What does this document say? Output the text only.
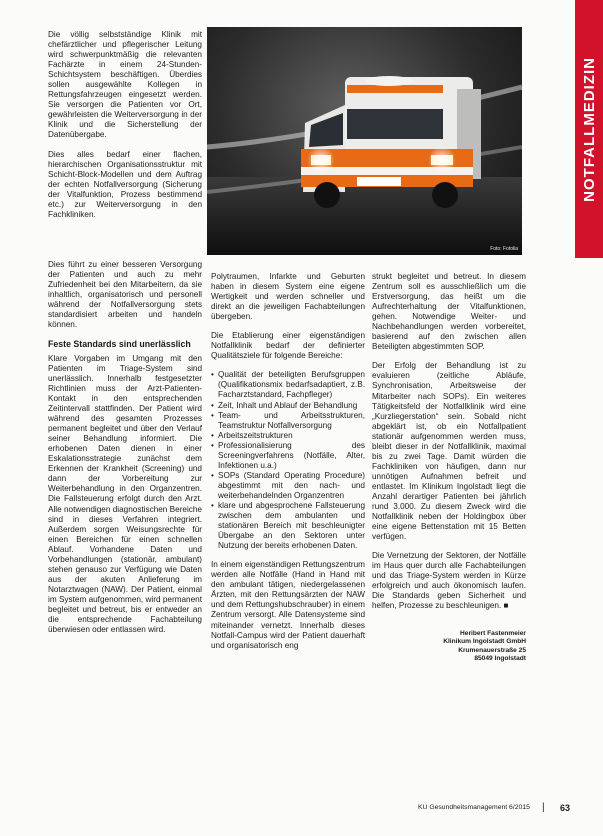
Die völlig selbstständige Klinik mit chefärztlicher und pflegerischer Leitung wird schwerpunktmäßig die relevanten Fachärzte in einem 24-Stunden-Schichtsystem beschäftigen. Überdies sollen ausgewählte Kollegen in Rettungsfahrzeugen eingesetzt werden. Sie versorgen die Patienten vor Ort, gewährleisten die Weiterversorgung in der Klinik und die Sicherstellung der Datenübergabe.

Dies alles bedarf einer flachen, hierarchischen Organisationsstruktur mit Schicht-Block-Modellen und dem Auftrag der echten Notfallversorgung (Sicherung der Vitalfunktion, Prozess bestimmend etc.) zur Weiterversorgung in den Fachkliniken.

Foto: Fotolia
NOTFALLMEDIZIN

Dies führt zu einer besseren Versorgung der Patienten und auch zu mehr Zufriedenheit bei den Mitarbeitern, da sie inhaltlich, organisatorisch und personell während der Notfallversorgung stets standardisiert arbeiten und handeln können.

Feste Standards sind unerlässlich

Klare Vorgaben im Umgang mit den Patienten im Triage-System sind unerlässlich. Innerhalb festgesetzter Richtlinien muss der Arzt-Patienten-Kontakt in den entsprechenden Zeitintervall stattfinden. Der Patient wird während des gesamten Prozesses permanent begleitet und über den Verlauf seiner Behandlung informiert. Die erhobenen Daten dienen in einer Eskalationsstrategie zunächst dem Erkennen der Krankheit (Screening) und dann der Vorbereitung zur Weiterbehandlung in den Organzentren. Die Fallsteuerung erfolgt durch den Arzt. Alle notwendigen diagnostischen Bereiche sind in dieses Verfahren integriert. Außerdem sorgen Weisungsrechte für einen Bereichen für einen schnellen Ablauf. Vorhandene Daten und Vorbehandlungen (stationär, ambulant) stehen genauso zur Verfügung wie Daten aus der akuten Anlieferung im Notarztwagen (NAW). Der Patient, einmal im System aufgenommen, wird permanent begleitet und betreut, bis er entweder an die entsprechende Fachabteilung überwiesen oder entlassen wird.

Polytraumen, Infarkte und Geburten haben in diesem System eine eigene Wertigkeit und werden schneller und direkt an die jeweiligen Fachabteilungen übergeben.

Die Etablierung einer eigenständigen Notfallklinik bedarf der definierter Qualitätsziele für folgende Bereiche:

• Qualität der beteiligten Berufsgruppen (Qualifikationsmix bedarfsadaptiert, z.B. Facharztstandard, Fachpfleger)
• Zeit, Inhalt und Ablauf der Behandlung
• Team- und Arbeitsstrukturen, Teamstruktur Notfallversorgung
• Arbeitszeitstrukturen
• Professionalisierung des Screeningverfahrens (Notfälle, Alter, Infektionen u.a.)
• SOPs (Standard Operating Procedure) abgestimmt mit den nach- und weiterbehandelnden Organzentren
• klare und abgesprochene Fallsteuerung zwischen dem ambulanten und stationären Bereich mit beschleunigter Übergabe an den Sektoren unter Nutzung der bereits erhobenen Daten.

In einem eigenständigen Rettungszentrum werden alle Notfälle (Hand in Hand mit den ambulant tätigen, niedergelassenen Ärzten, mit den Rettungsärzten der NAW und dem Rettungshubschrauber) in einem Zentrum versorgt. Alle Datensysteme sind miteinander vernetzt. Innerhalb dieses Notfall-Campus wird der Patient dauerhaft und organisatorisch eng

strukt begleitet und betreut. In diesem Zentrum soll es ausschließlich um die Erstversorgung, das heißt um die Aufrechterhaltung der Vitalfunktionen, gehen. Notwendige Weiter- und Nachbehandlungen werden vorbereitet, basierend auf den zwischen allen Beteiligten abgestimmten SOP.

Der Erfolg der Behandlung ist zu evaluieren (zeitliche Abläufe, Synchronisation, Arbeitsweise der Mitarbeiter nach SOPs). Ein weiteres Tätigkeitsfeld der Notfallklinik wird eine „Kurzliegerstation“ sein. Sobald nicht abgeklärt ist, ob ein Notfallpatient stationär aufgenommen werden muss, bleibt dieser in der Notfallklinik, maximal bis zu zwei Tage. Damit würden die Fachkliniken von häufigen, dann nur unnötigen Aufnahmen befreit und entlastet. Im Klinikum Ingolstadt liegt die Anzahl derartiger Patienten bei jährlich rund 3.000. Zu diesem Zweck wird die Notfallklinik neben der Holdingbox über eine eigene Bettenstation mit 15 Betten verfügen.

Die Vernetzung der Sektoren, der Notfälle im Haus quer durch alle Fachabteilungen und das Triage-System werden in Kürze erfolgreich und auch ökonomisch laufen. Die Standards geben Sicherheit und helfen, Prozesse zu beschleunigen. ■

Heribert Fastenmeier
Klinikum Ingolstadt GmbH
Krumenauerstraße 25
85049 Ingolstadt
KU Gesundheitsmanagement 6/2015 | 63
